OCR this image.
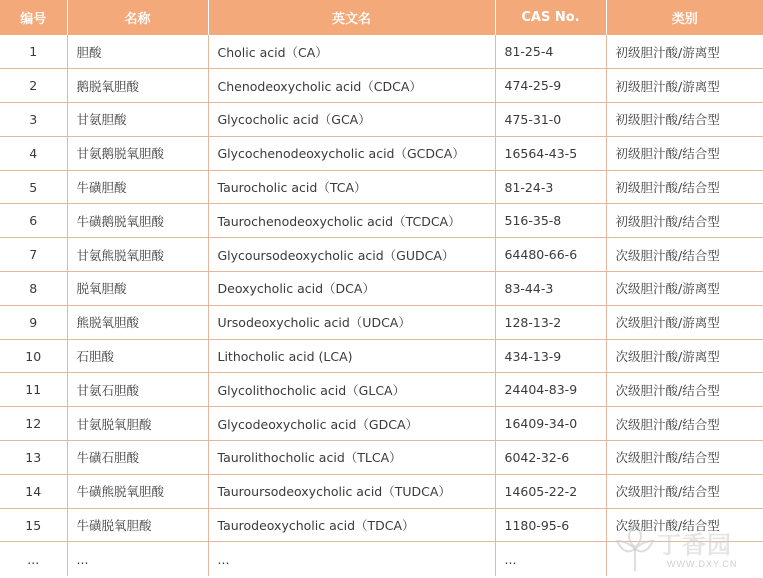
编号	名称	英文名	CAS No.	类别
1	胆酸	Cholic acid（CA）	81-25-4	初级胆汁酸/游离型
2	鹅脱氧胆酸	Chenodeoxycholic acid（CDCA）	474-25-9	初级胆汁酸/游离型
3	甘氨胆酸	Glycocholic acid（GCA）	475-31-0	初级胆汁酸/结合型
4	甘氨鹅脱氧胆酸	Glycochenodeoxycholic acid（GCDCA）	16564-43-5	初级胆汁酸/结合型
5	牛磺胆酸	Taurocholic acid（TCA）	81-24-3	初级胆汁酸/结合型
6	牛磺鹅脱氧胆酸	Taurochenodeoxycholic acid（TCDCA）	516-35-8	初级胆汁酸/结合型
7	甘氨熊脱氧胆酸	Glycoursodeoxycholic acid（GUDCA）	64480-66-6	次级胆汁酸/结合型
8	脱氧胆酸	Deoxycholic acid（DCA）	83-44-3	次级胆汁酸/游离型
9	熊脱氧胆酸	Ursodeoxycholic acid（UDCA）	128-13-2	次级胆汁酸/游离型
10	石胆酸	Lithocholic acid (LCA)	434-13-9	次级胆汁酸/游离型
11	甘氨石胆酸	Glycolithocholic acid（GLCA）	24404-83-9	次级胆汁酸/结合型
12	甘氨脱氧胆酸	Glycodeoxycholic acid（GDCA）	16409-34-0	次级胆汁酸/结合型
13	牛磺石胆酸	Taurolithocholic acid（TLCA）	6042-32-6	次级胆汁酸/结合型
14	牛磺熊脱氧胆酸	Tauroursodeoxycholic acid（TUDCA）	14605-22-2	次级胆汁酸/结合型
15	牛磺脱氧胆酸	Taurodeoxycholic acid（TDCA）	1180-95-6	次级胆汁酸/结合型
...	...	...	...	
丁香园
WWW.DXY.CN
